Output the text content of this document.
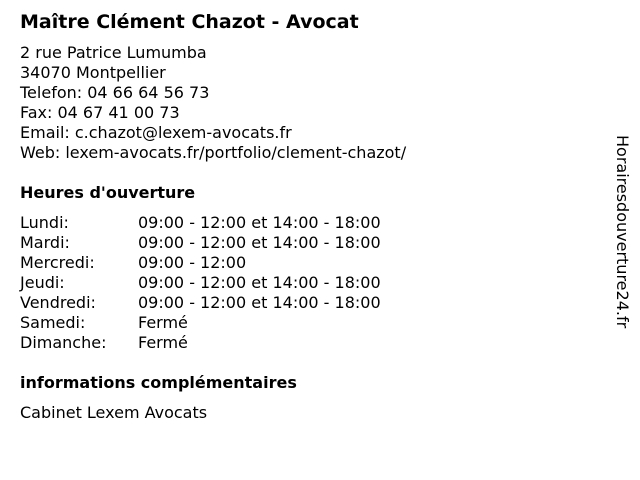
Maître Clément Chazot - Avocat
2 rue Patrice Lumumba
34070 Montpellier
Telefon: 04 66 64 56 73
Fax: 04 67 41 00 73
Email: c.chazot@lexem-avocats.fr
Web: lexem-avocats.fr/portfolio/clement-chazot/
Heures d'ouverture
Lundi:	09:00 - 12:00 et 14:00 - 18:00
Mardi:	09:00 - 12:00 et 14:00 - 18:00
Mercredi:	09:00 - 12:00
Jeudi:	09:00 - 12:00 et 14:00 - 18:00
Vendredi:	09:00 - 12:00 et 14:00 - 18:00
Samedi:	Fermé
Dimanche:	Fermé
informations complémentaires
Cabinet Lexem Avocats
Horairesdouverture24.fr
